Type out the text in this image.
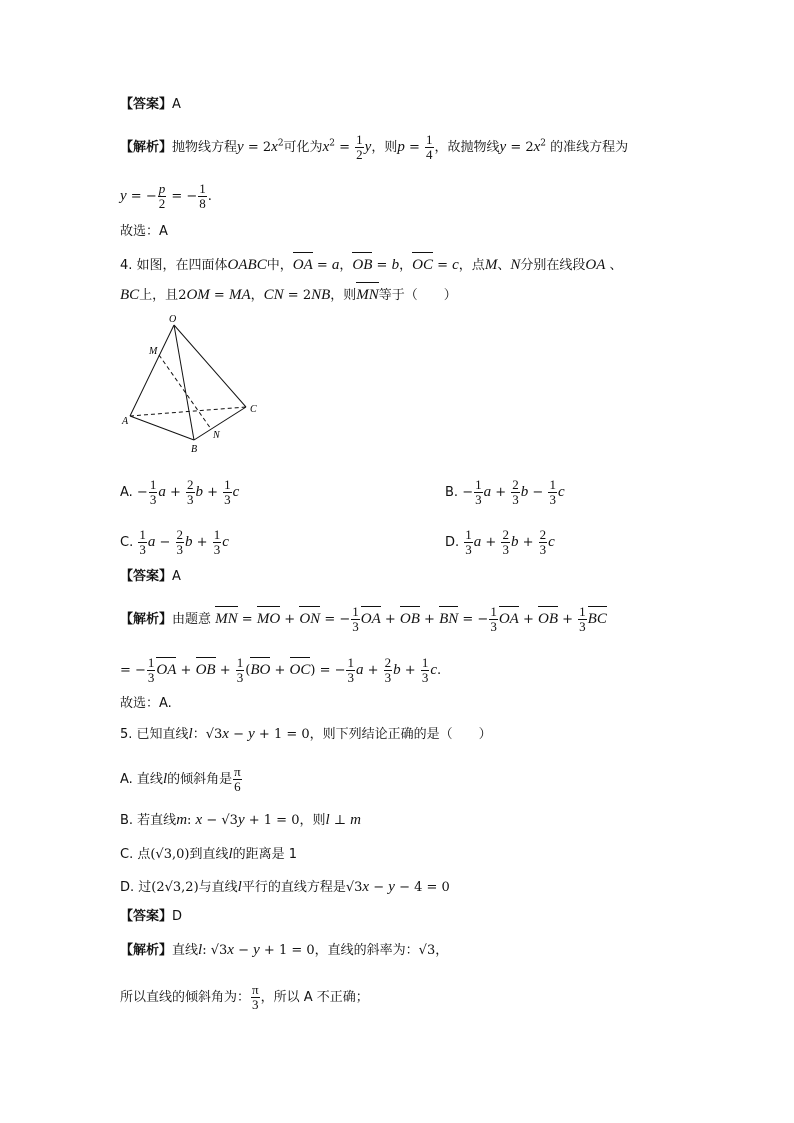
【答案】A
【解析】抛物线方程$y = 2x^2$可化为$x^2 = \frac{1}{2}$ y，则$p = \frac{1}{4}$ ，故抛物线$y = 2x^2$ 的准线方程为
y = − $\frac{p}{2}$ = − $\frac{1}{8}$ .
故选：A
4. 如图，在四面体OABC中，OA = a，OB = b，OC = c，点M、N分别在线段OA 、
BC上，且2OM = MA，CN = 2NB，则MN等于（　　）
O
M
A
B
N
C
A. − $\frac{1}{3}$ $a + \frac{2}{3}$ $b + \frac{1}{3}$ c	B. − $\frac{1}{3}$ $a + \frac{2}{3}$ $b - \frac{1}{3}$ c
C. $\frac{1}{3}$ $a - \frac{2}{3}$ $b + \frac{1}{3}$ c	D. $\frac{1}{3}$ $a + \frac{2}{3}$ $b + \frac{2}{3}$ c
【答案】A
【解析】由题意 MN = MO + ON = − $\frac{1}{3}$ OA + OB + BN = − $\frac{1}{3}$ OA + OB + $\frac{1}{3}$ BC
= − $\frac{1}{3}$ OA + OB + $\frac{1}{3} (BO + OC)$ = − $\frac{1}{3}$ $a + \frac{2}{3}$ $b + \frac{1}{3} c$.
故选：A.
5. 已知直线l：√3x − y + 1 = 0，则下列结论正确的是（　　）
A. 直线l的倾斜角是 $\frac{\pi}{6}$
B. 若直线m: x − √3y + 1 = 0，则l ⊥ m
C. 点(√3,0)到直线l的距离是 1
D. 过(2√3,2)与直线l平行的直线方程是√3x − y − 4 = 0
【答案】D
【解析】直线l: √3x − y + 1 = 0，直线的斜率为：√3，
所以直线的倾斜角为： $\frac{\pi}{3}$ ，所以 A 不正确；
